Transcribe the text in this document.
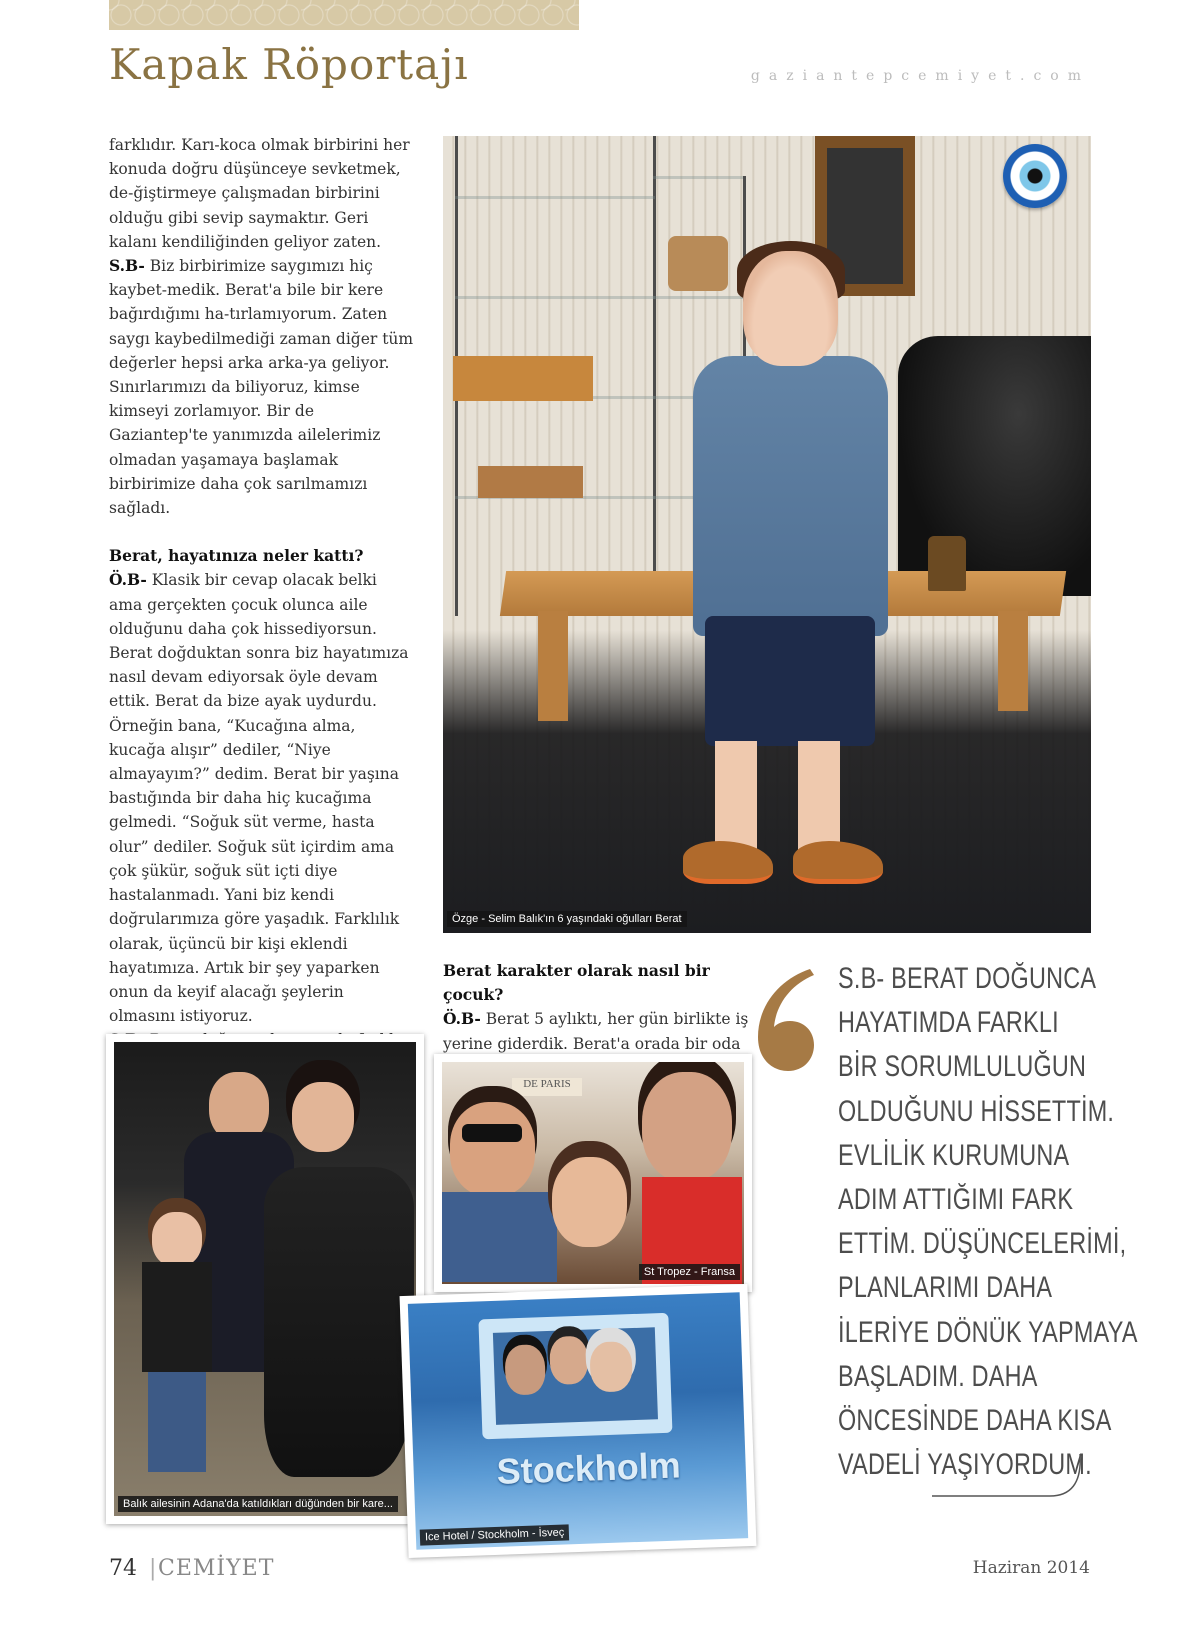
Kapak Röportajı	gaziantepcemiyet.com

farklıdır. Karı-koca olmak birbirini her konuda doğru düşünceye sevketmek, de-ğiştirmeye çalışmadan birbirini olduğu gibi sevip saymaktır. Geri kalanı kendiliğinden geliyor zaten.

S.B- Biz birbirimize saygımızı hiç kaybet-medik. Berat'a bile bir kere bağırdığımı ha-tırlamıyorum. Zaten saygı kaybedilmediği zaman diğer tüm değerler hepsi arka arka-ya geliyor. Sınırlarımızı da biliyoruz, kimse kimseyi zorlamıyor. Bir de Gaziantep'te yanımızda ailelerimiz olmadan yaşamaya başlamak birbirimize daha çok sarılmamızı sağladı.

Berat, hayatınıza neler kattı?

Ö.B- Klasik bir cevap olacak belki ama gerçekten çocuk olunca aile olduğunu daha çok hissediyorsun. Berat doğduktan sonra biz hayatımıza nasıl devam ediyorsak öyle devam ettik. Berat da bize ayak uydurdu. Örneğin bana, “Kucağına alma, kucağa alışır” dediler, “Niye almayayım?” dedim. Berat bir yaşına bastığında bir daha hiç kucağıma gelmedi. “Soğuk süt verme, hasta olur” dediler. Soğuk süt içirdim ama çok şükür, soğuk süt içti diye hastalanmadı. Yani biz kendi doğrularımıza göre yaşadık. Farklılık olarak, üçüncü bir kişi eklendi hayatımıza. Artık bir şey yaparken onun da keyif alacağı şeylerin olmasını istiyoruz.

Özge - Selim Balık'ın 6 yaşındaki oğulları Berat

Berat karakter olarak nasıl bir çocuk?

Ö.B- Berat 5 aylıktı, her gün birlikte iş yerine giderdik. Berat'a orada bir oda

S.B- BERAT DOĞUNCA
HAYATIMDA FARKLI
BİR SORUMLULUĞUN
OLDUĞUNU HİSSETTİM.
EVLİLİK KURUMUNA
ADIM ATTIĞIMI FARK
ETTİM. DÜŞÜNCELERİMİ,
PLANLARIMI DAHA
İLERİYE DÖNÜK YAPMAYA
BAŞLADIM. DAHA
ÖNCESİNDE DAHA KISA
VADELİ YAŞIYORDUM.
Balık ailesinin Adana'da katıldıkları düğünden bir kare...
DE PARIS
St Tropez - Fransa
Stockholm
Ice Hotel / Stockholm - İsveç
74 | CEMİYET	Haziran 2014
